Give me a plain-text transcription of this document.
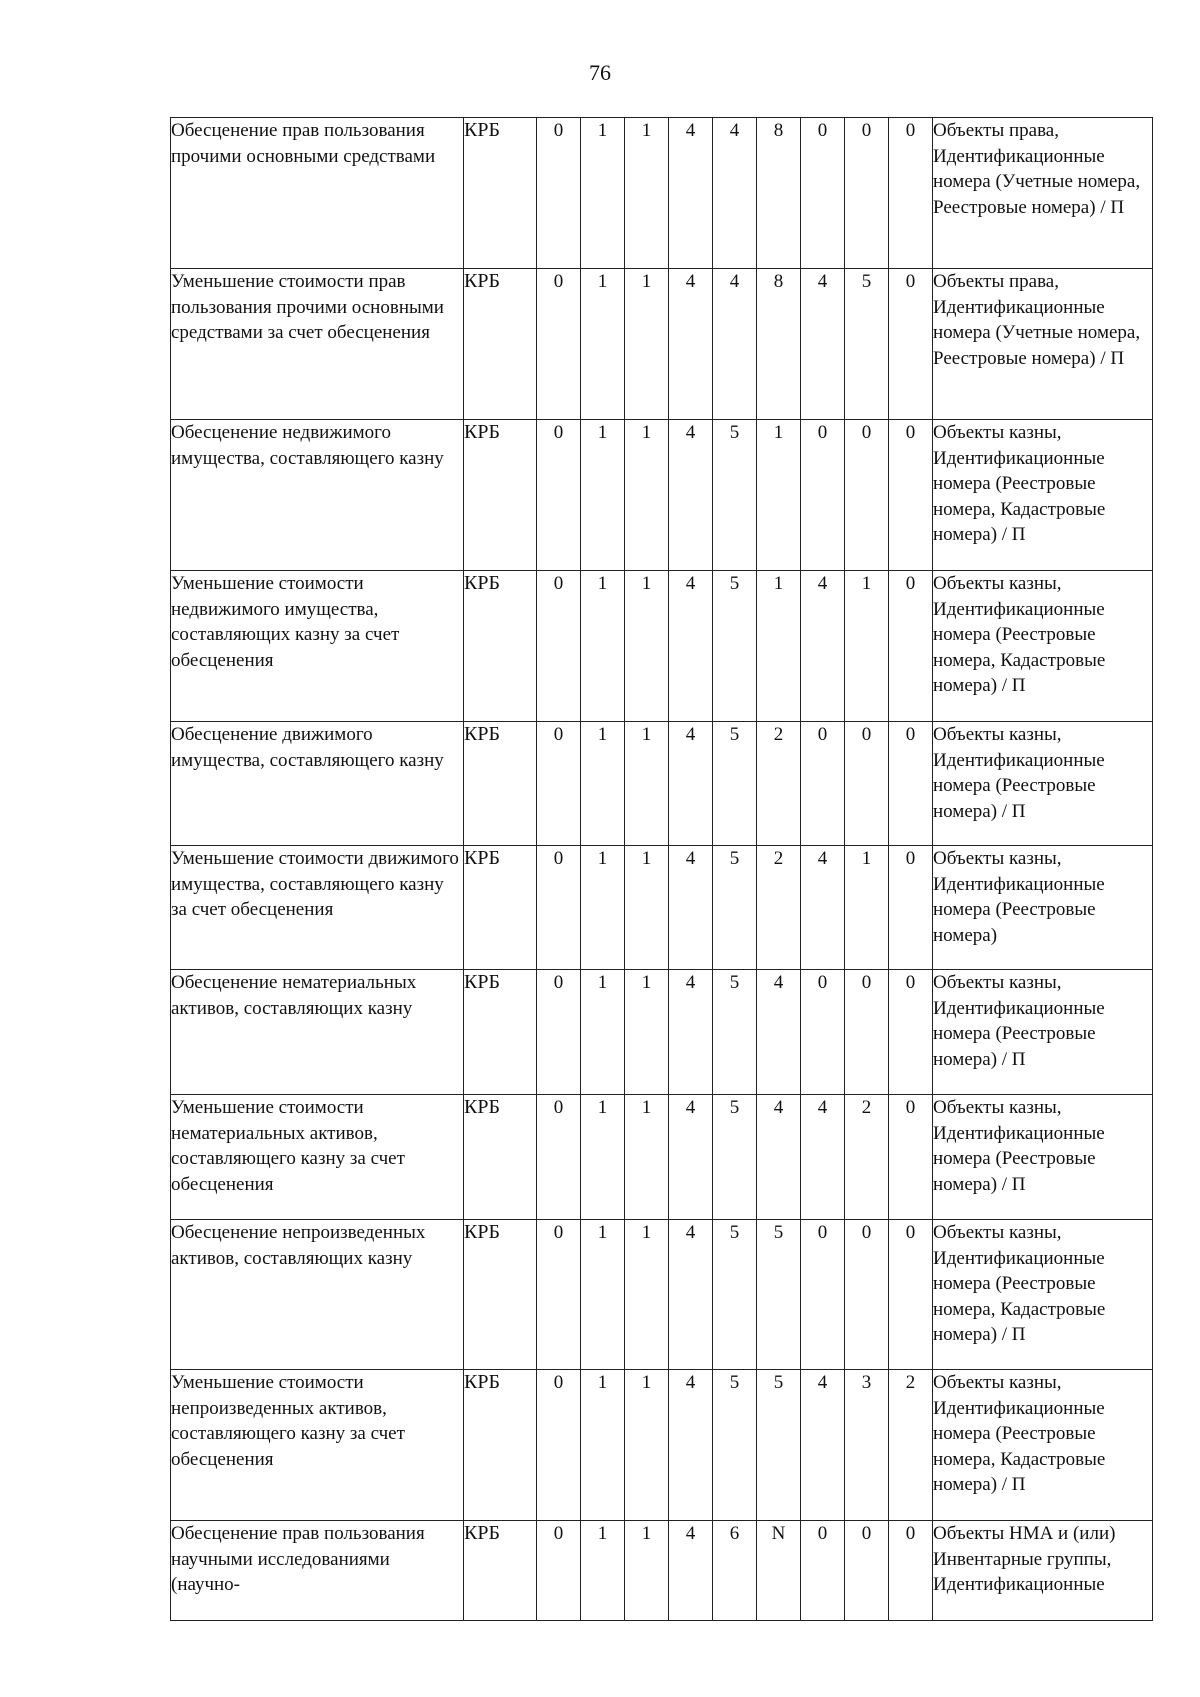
76
Обесценение прав пользования прочими основными средствами	КРБ	0	1	1	4	4	8	0	0	0	Объекты права, Идентификационные номера (Учетные номера, Реестровые номера) / П
Уменьшение стоимости прав пользования прочими основными средствами за счет обесценения	КРБ	0	1	1	4	4	8	4	5	0	Объекты права, Идентификационные номера (Учетные номера, Реестровые номера) / П
Обесценение недвижимого имущества, составляющего казну	КРБ	0	1	1	4	5	1	0	0	0	Объекты казны, Идентификационные номера (Реестровые номера, Кадастровые номера) / П
Уменьшение стоимости недвижимого имущества, составляющих казну за счет обесценения	КРБ	0	1	1	4	5	1	4	1	0	Объекты казны, Идентификационные номера (Реестровые номера, Кадастровые номера) / П
Обесценение движимого имущества, составляющего казну	КРБ	0	1	1	4	5	2	0	0	0	Объекты казны, Идентификационные номера (Реестровые номера) / П
Уменьшение стоимости движимого имущества, составляющего казну за счет обесценения	КРБ	0	1	1	4	5	2	4	1	0	Объекты казны, Идентификационные номера (Реестровые номера)
Обесценение нематериальных активов, составляющих казну	КРБ	0	1	1	4	5	4	0	0	0	Объекты казны, Идентификационные номера (Реестровые номера) / П
Уменьшение стоимости нематериальных активов, составляющего казну за счет обесценения	КРБ	0	1	1	4	5	4	4	2	0	Объекты казны, Идентификационные номера (Реестровые номера) / П
Обесценение непроизведенных активов, составляющих казну	КРБ	0	1	1	4	5	5	0	0	0	Объекты казны, Идентификационные номера (Реестровые номера, Кадастровые номера) / П
Уменьшение стоимости непроизведенных активов, составляющего казну за счет обесценения	КРБ	0	1	1	4	5	5	4	3	2	Объекты казны, Идентификационные номера (Реестровые номера, Кадастровые номера) / П
Обесценение прав пользования научными исследованиями (научно-	КРБ	0	1	1	4	6	N	0	0	0	Объекты НМА и (или) Инвентарные группы, Идентификационные
